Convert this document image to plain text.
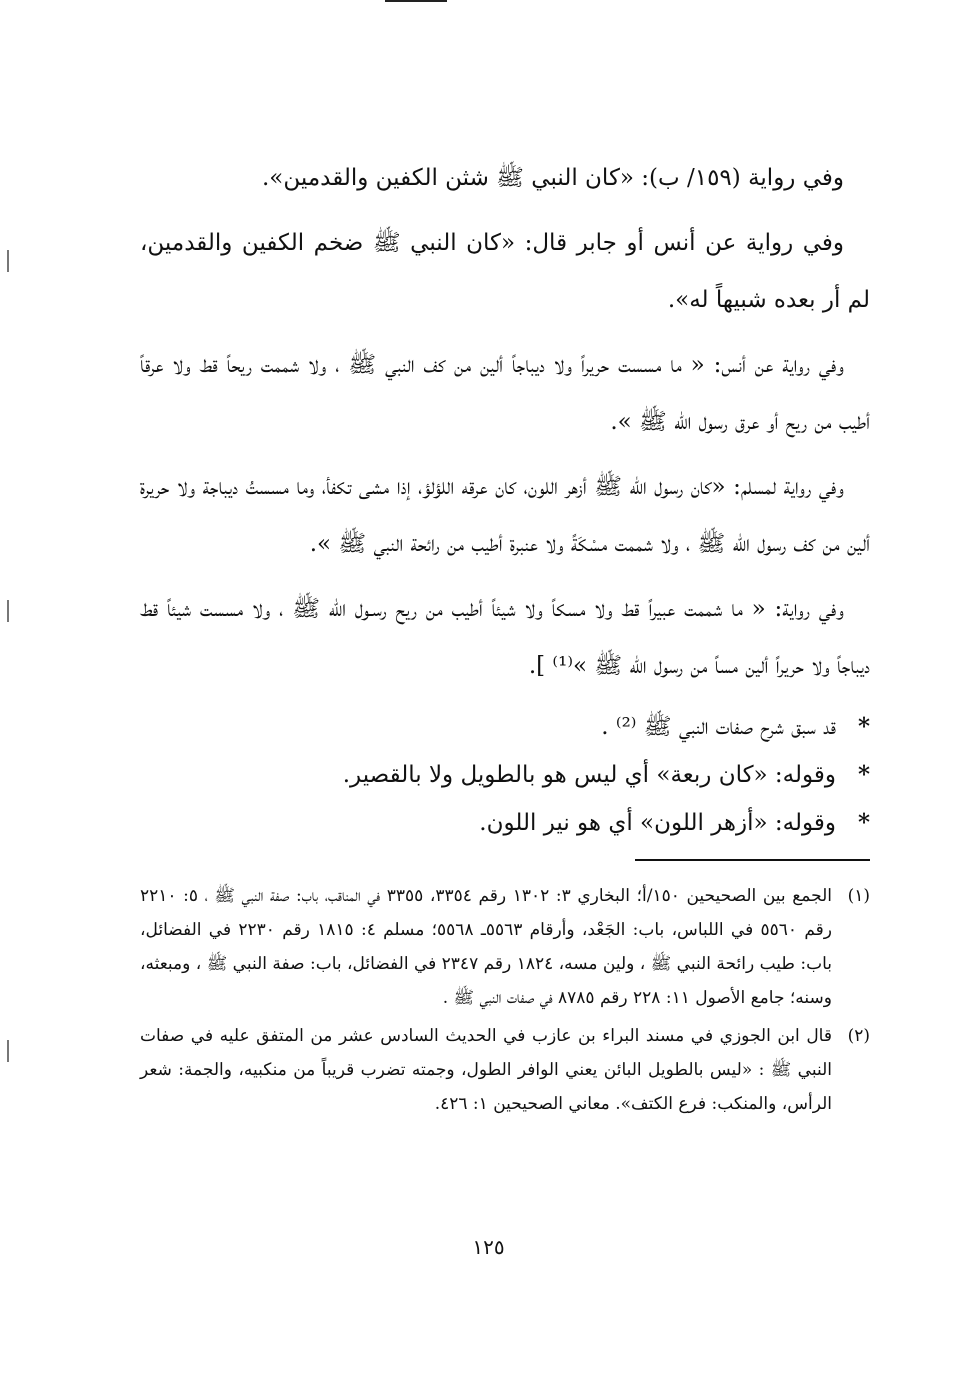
وفي رواية (١٥٩/ ب): «كان النبي ﷺ شثن الكفين والقدمين».

وفي رواية عن أنس أو جابر قال: «كان النبي ﷺ ضخم الكفين والقدمين، لم أر بعده شبيهاً له».

وفي رواية عن أنس: « ما مسست حريراً ولا ديباجاً ألين من كف النبي ﷺ ، ولا شممت ريحاً قط ولا عرقاً أطيب من ريح أو عرق رسول الله ﷺ ».

وفي رواية لمسلم: «كان رسول الله ﷺ أزهر اللون، كان عرقه اللؤلؤ، إذا مشى تكفأ، وما مسستُ ديباجة ولا حريرة ألين من كف رسول الله ﷺ ، ولا شممت مسْكَةً ولا عنبرة أطيب من رائحة النبي ﷺ ».

وفي رواية: « ما شممت عبيراً قط ولا مسكاً ولا شيئاً أطيب من ريح رسـول الله ﷺ ، ولا مسست شيئاً قط ديباجاً ولا حريراً ألين مساً من رسول الله ﷺ »⁽¹⁾ ].

*قد سبق شرح صفات النبي ﷺ ⁽²⁾ .

*وقوله: «كان ربعة» أي ليس هو بالطويل ولا بالقصير.

*وقوله: «أزهر اللون» أي هو نير اللون.

(١)
الجمع بين الصحيحين ١٥٠/أ؛ البخاري ٣: ١٣٠٢ رقم ٣٣٥٤، ٣٣٥٥ في المناقب، باب: صفة النبي ﷺ ، ٥: ٢٢١٠ رقم ٥٥٦٠ في اللباس، باب: الجَعْد، وأرقام ٥٥٦٣ـ ٥٥٦٨؛ مسلم ٤: ١٨١٥ رقم ٢٢٣٠ في الفضائل، باب: طيب رائحة النبي ﷺ ، ولين مسه، ١٨٢٤ رقم ٢٣٤٧ في الفضائل، باب: صفة النبي ﷺ ، ومبعثه، وسنه؛ جامع الأصول ١١: ٢٢٨ رقم ٨٧٨٥ في صفات النبي ﷺ .

(٢)
قال ابن الجوزي في مسند البراء بن عازب في الحديث السادس عشر من المتفق عليه في صفات النبي ﷺ : «ليس بالطويل البائن يعني الوافر الطول، وجمته تضرب قريباً من منكبيه، والجمة: شعر الرأس، والمنكب: فرع الكتف». معاني الصحيحين ١: ٤٢٦.

١٢٥
